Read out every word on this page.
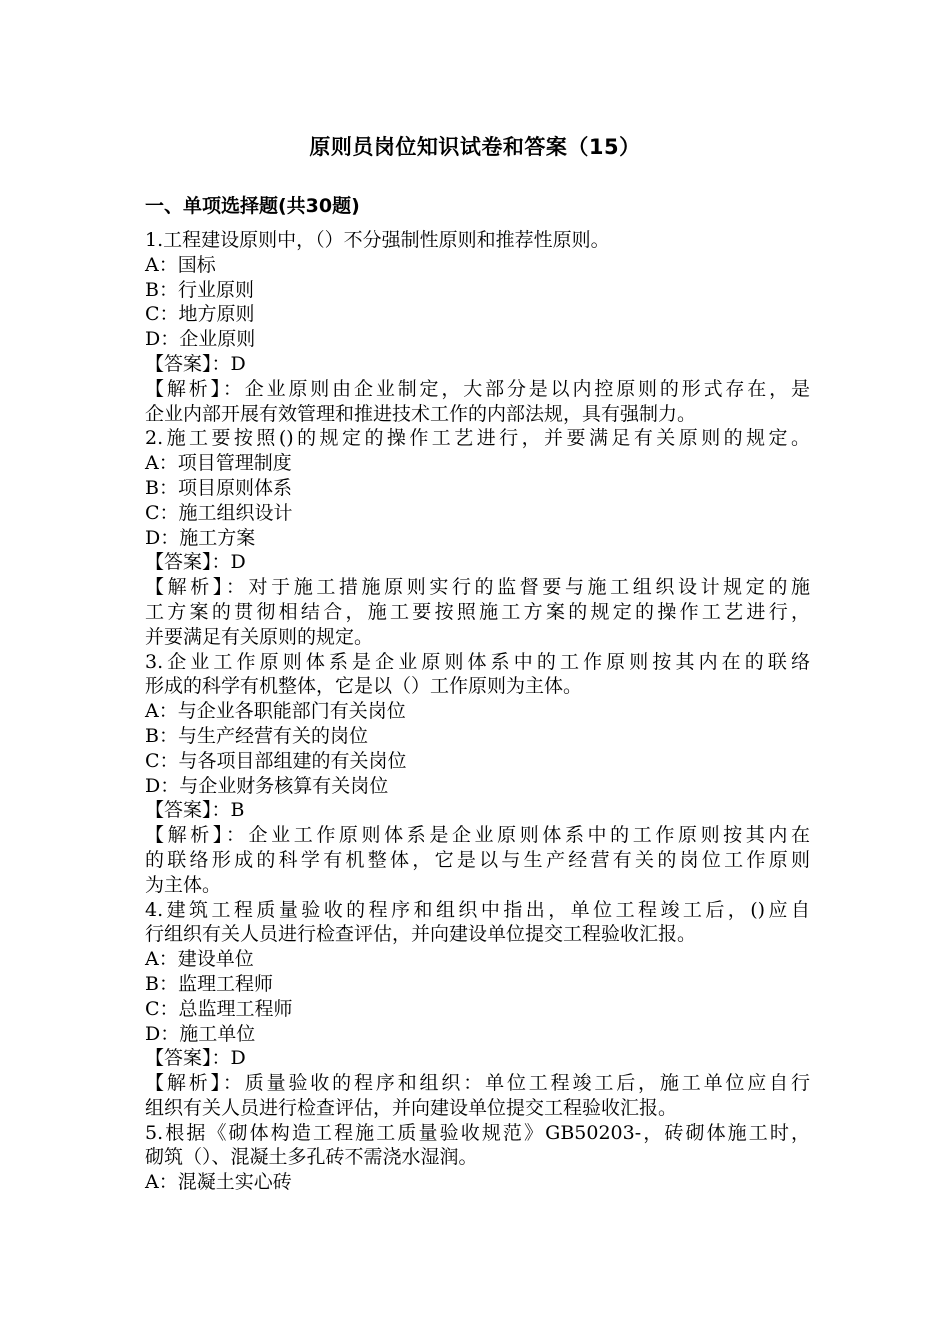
原则员岗位知识试卷和答案（15）
一、单项选择题(共30题)
1.工程建设原则中，（）不分强制性原则和推荐性原则。
A：国标
B：行业原则
C：地方原则
D：企业原则
【答案】：D
【解析】：企业原则由企业制定，大部分是以内控原则的形式存在，是
企业内部开展有效管理和推进技术工作的内部法规，具有强制力。
2.施工要按照()的规定的操作工艺进行，并要满足有关原则的规定。
A：项目管理制度
B：项目原则体系
C：施工组织设计
D：施工方案
【答案】：D
【解析】：对于施工措施原则实行的监督要与施工组织设计规定的施
工方案的贯彻相结合，施工要按照施工方案的规定的操作工艺进行，
并要满足有关原则的规定。
3.企业工作原则体系是企业原则体系中的工作原则按其内在的联络
形成的科学有机整体，它是以（）工作原则为主体。
A：与企业各职能部门有关岗位
B：与生产经营有关的岗位
C：与各项目部组建的有关岗位
D：与企业财务核算有关岗位
【答案】：B
【解析】：企业工作原则体系是企业原则体系中的工作原则按其内在
的联络形成的科学有机整体，它是以与生产经营有关的岗位工作原则
为主体。
4.建筑工程质量验收的程序和组织中指出，单位工程竣工后，()应自
行组织有关人员进行检查评估，并向建设单位提交工程验收汇报。
A：建设单位
B：监理工程师
C：总监理工程师
D：施工单位
【答案】：D
【解析】：质量验收的程序和组织：单位工程竣工后，施工单位应自行
组织有关人员进行检查评估，并向建设单位提交工程验收汇报。
5.根据《砌体构造工程施工质量验收规范》GB50203-，砖砌体施工时，
砌筑（）、混凝土多孔砖不需浇水湿润。
A：混凝土实心砖
